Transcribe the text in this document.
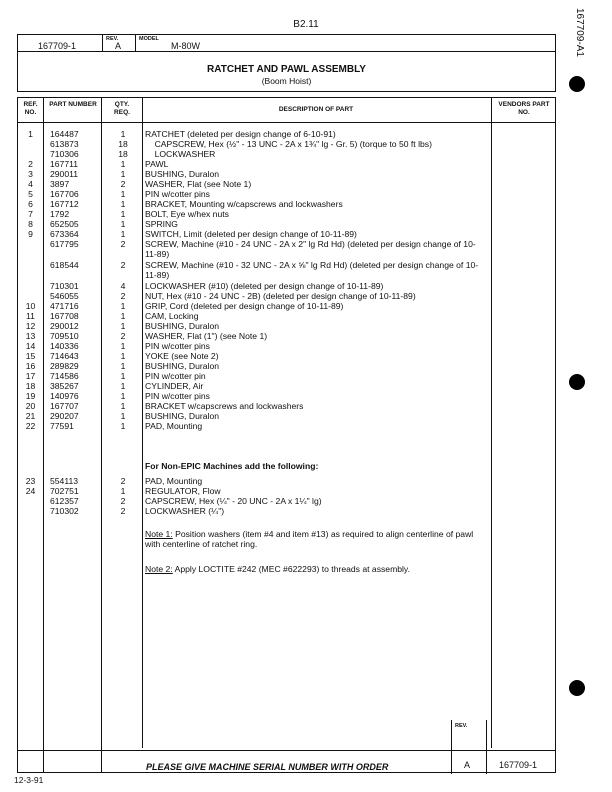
B2.11	167709-A1
167709-1
REV.
A
MODEL
M-80W
RATCHET AND PAWL ASSEMBLY
(Boom Hoist)
REF. NO.
PART NUMBER	QTY. REQ.	DESCRIPTION OF PART
VENDORS PART NO.
1	164487	1	RATCHET (deleted per design change of 6-10-91)
613873	18	CAPSCREW, Hex (½" - 13 UNC - 2A x 1¾" lg - Gr. 5) (torque to 50 ft lbs)
710306	18	LOCKWASHER
2	167711	1	PAWL
3	290011	1	BUSHING, Duralon
4	3897	2	WASHER, Flat (see Note 1)
5	167706	1	PIN w/cotter pins
6	167712	1	BRACKET, Mounting w/capscrews and lockwashers
7	1792	1	BOLT, Eye w/hex nuts
8	652505	1	SPRING
9	673364	1	SWITCH, Limit (deleted per design change of 10-11-89)
617795	2	SCREW, Machine (#10 - 24 UNC - 2A x 2" lg Rd Hd) (deleted per design change of 10-11-89)
618544	2	SCREW, Machine (#10 - 32 UNC - 2A x ⅝" lg Rd Hd) (deleted per design change of 10-11-89)
710301	4	LOCKWASHER (#10) (deleted per design change of 10-11-89)
546055	2	NUT, Hex (#10 - 24 UNC - 2B) (deleted per design change of 10-11-89)
10	471716	1	GRIP, Cord (deleted per design change of 10-11-89)
11	167708	1	CAM, Locking
12	290012	1	BUSHING, Duralon
13	709510	2	WASHER, Flat (1") (see Note 1)
14	140336	1	PIN w/cotter pins
15	714643	1	YOKE (see Note 2)
16	289829	1	BUSHING, Duralon
17	714586	1	PIN w/cotter pin
18	385267	1	CYLINDER, Air
19	140976	1	PIN w/cotter pins
20	167707	1	BRACKET w/capscrews and lockwashers
21	290207	1	BUSHING, Duralon
22	77591	1	PAD, Mounting
For Non-EPIC Machines add the following:
23	554113	2	PAD, Mounting
24	702751	1	REGULATOR, Flow
612357	2	CAPSCREW, Hex (¼" - 20 UNC - 2A x 1¼" lg)
710302	2	LOCKWASHER (¼")
Note 1: Position washers (item #4 and item #13) as required to align centerline of pawl with centerline of ratchet ring.
Note 2: Apply LOCTITE #242 (MEC #622293) to threads at assembly.
PLEASE GIVE MACHINE SERIAL NUMBER WITH ORDER
REV.
A	167709-1
12-3-91
